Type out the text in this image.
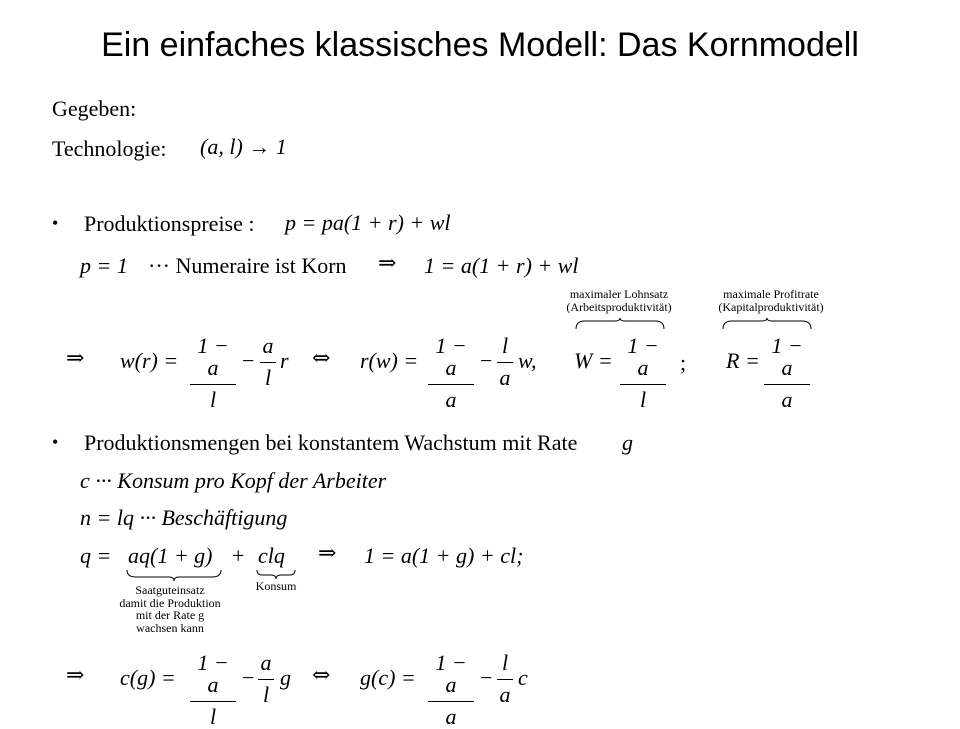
Ein einfaches klassisches Modell: Das Kornmodell
Gegeben:
Technologie: (a, l) → 1
• Produktionspreise : p = pa(1 + r) + wl
p = 1 ··· Numeraire ist Korn ⇒ 1 = a(1 + r) + wl
maximaler Lohnsatz
(Arbeitsproduktivität)
maximale Profitrate
(Kapitalproduktivität)
⇒ w(r) =
1 − a
l
−
a
l
r ⇔ r(w) =
1 − a
a
−
l
a
w, W =
1 − a
l
; R =
1 − a
a
• Produktionsmengen bei konstantem Wachstum mit Rate g
c ··· Konsum pro Kopf der Arbeiter
n = lq ··· Beschäftigung
q = aq(1 + g) + clq ⇒ 1 = a(1 + g) + cl;
Saatguteinsatz
damit die Produktion
mit der Rate g
wachsen kann
Konsum
⇒ c(g) =
1 − a
l
−
a
l
g ⇔ g(c) =
1 − a
a
−
l
a
c
